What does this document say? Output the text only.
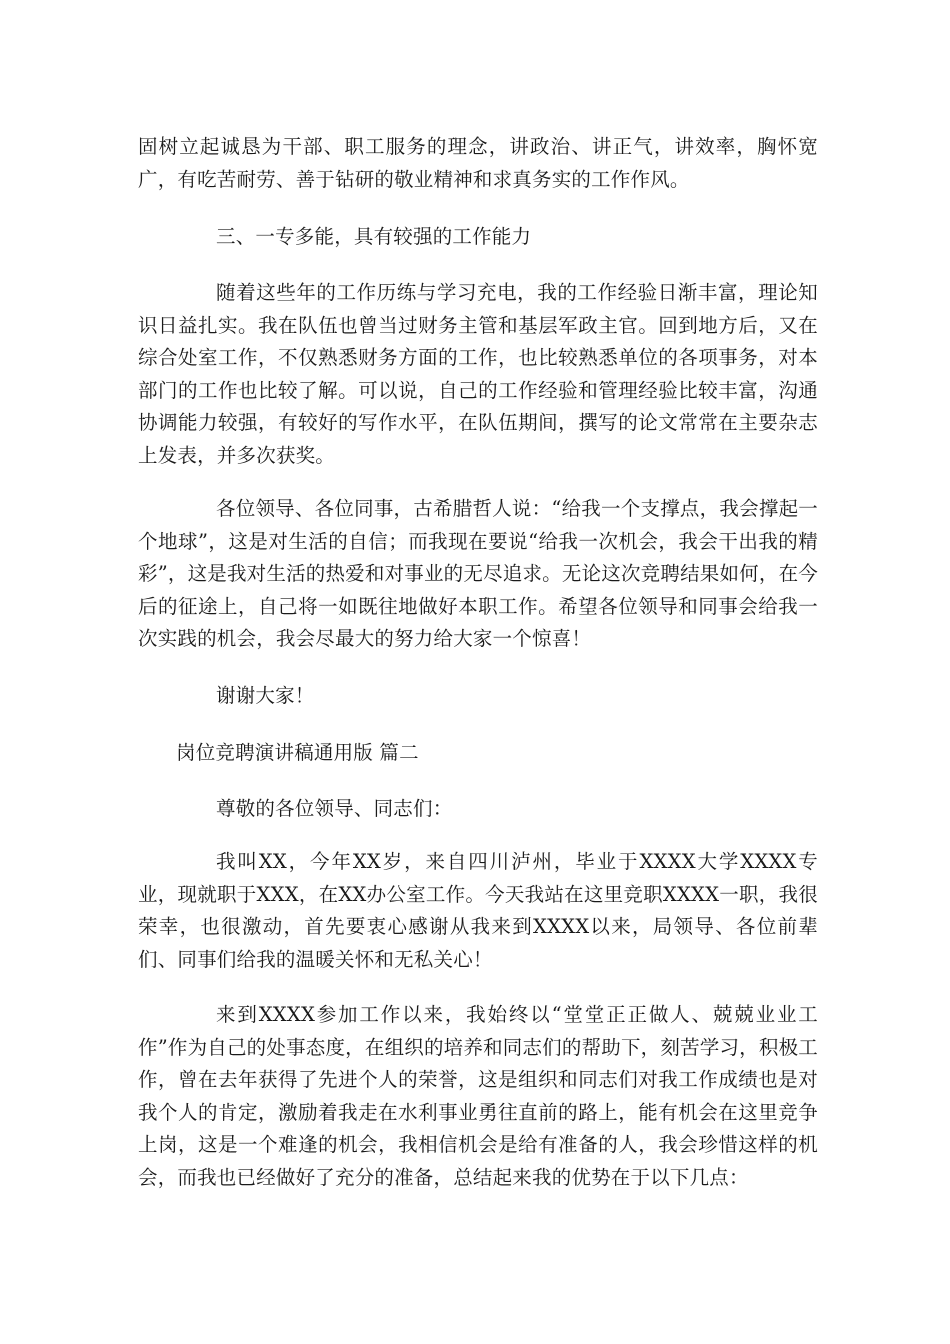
固树立起诚恳为干部、职工服务的理念，讲政治、讲正气，讲效率，胸怀宽广，有吃苦耐劳、善于钻研的敬业精神和求真务实的工作作风。

三、一专多能，具有较强的工作能力

随着这些年的工作历练与学习充电，我的工作经验日渐丰富，理论知识日益扎实。我在队伍也曾当过财务主管和基层军政主官。回到地方后，又在综合处室工作，不仅熟悉财务方面的工作，也比较熟悉单位的各项事务，对本部门的工作也比较了解。可以说，自己的工作经验和管理经验比较丰富，沟通协调能力较强，有较好的写作水平，在队伍期间，撰写的论文常常在主要杂志上发表，并多次获奖。

各位领导、各位同事，古希腊哲人说：“给我一个支撑点，我会撑起一个地球”，这是对生活的自信；而我现在要说“给我一次机会，我会干出我的精彩”，这是我对生活的热爱和对事业的无尽追求。无论这次竞聘结果如何，在今后的征途上，自己将一如既往地做好本职工作。希望各位领导和同事会给我一次实践的机会，我会尽最大的努力给大家一个惊喜！

谢谢大家！

岗位竞聘演讲稿通用版 篇二

尊敬的各位领导、同志们：

我叫XX，今年XX岁，来自四川泸州，毕业于XXXX大学XXXX专业，现就职于XXX，在XX办公室工作。今天我站在这里竞职XXXX一职，我很荣幸，也很激动，首先要衷心感谢从我来到XXXX以来，局领导、各位前辈们、同事们给我的温暖关怀和无私关心！

来到XXXX参加工作以来，我始终以“堂堂正正做人、兢兢业业工作”作为自己的处事态度，在组织的培养和同志们的帮助下，刻苦学习，积极工作，曾在去年获得了先进个人的荣誉，这是组织和同志们对我工作成绩也是对我个人的肯定，激励着我走在水利事业勇往直前的路上，能有机会在这里竞争上岗，这是一个难逢的机会，我相信机会是给有准备的人，我会珍惜这样的机会，而我也已经做好了充分的准备，总结起来我的优势在于以下几点：
